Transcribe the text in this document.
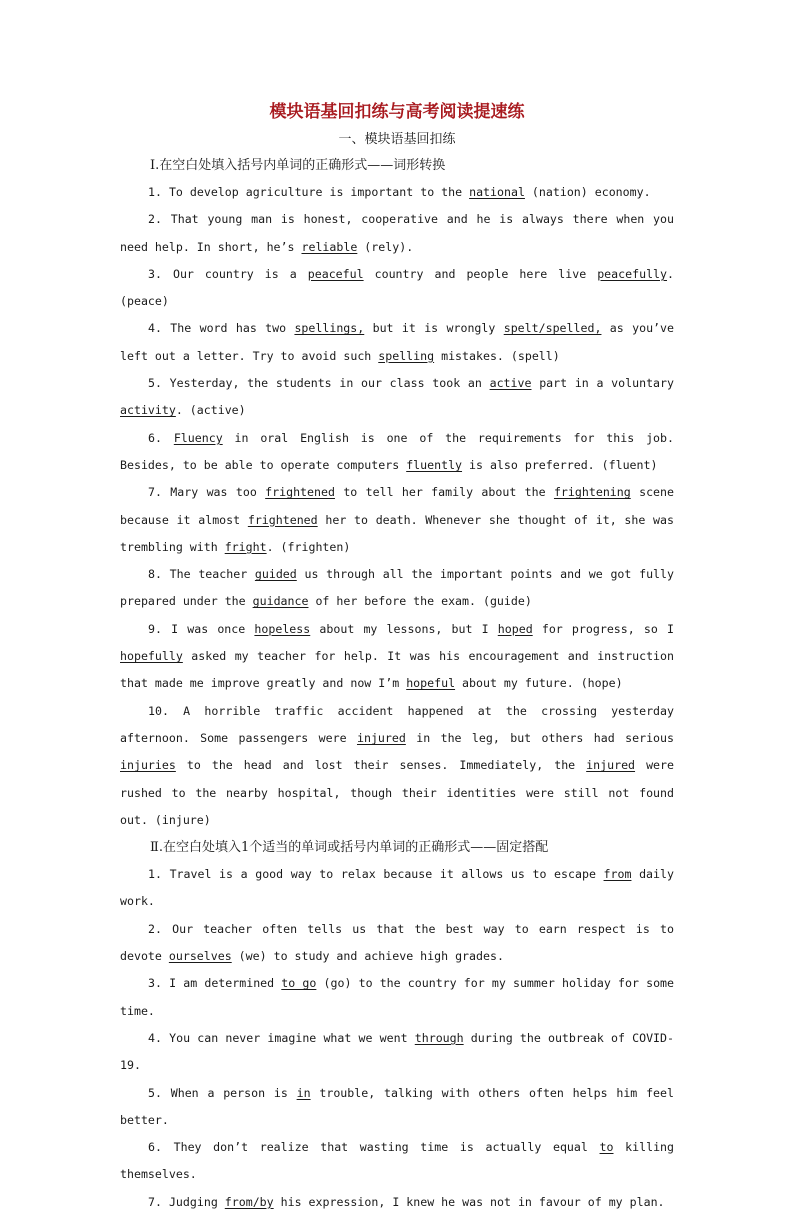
模块语基回扣练与高考阅读提速练
一、模块语基回扣练
Ⅰ.在空白处填入括号内单词的正确形式——词形转换
1. To develop agriculture is important to the national (nation) economy.
2. That young man is honest, cooperative and he is always there when you need help. In short, he’s reliable (rely).
3. Our country is a peaceful country and people here live peacefully. (peace)
4. The word has two spellings, but it is wrongly spelt/spelled, as you’ve left out a letter. Try to avoid such spelling mistakes. (spell)
5. Yesterday, the students in our class took an active part in a voluntary activity. (active)
6. Fluency in oral English is one of the requirements for this job. Besides, to be able to operate computers fluently is also preferred. (fluent)
7. Mary was too frightened to tell her family about the frightening scene because it almost frightened her to death. Whenever she thought of it, she was trembling with fright. (frighten)
8. The teacher guided us through all the important points and we got fully prepared under the guidance of her before the exam. (guide)
9. I was once hopeless about my lessons, but I hoped for progress, so I hopefully asked my teacher for help. It was his encouragement and instruction that made me improve greatly and now I’m hopeful about my future. (hope)
10. A horrible traffic accident happened at the crossing yesterday afternoon. Some passengers were injured in the leg, but others had serious injuries to the head and lost their senses. Immediately, the injured were rushed to the nearby hospital, though their identities were still not found out. (injure)
Ⅱ.在空白处填入1个适当的单词或括号内单词的正确形式——固定搭配
1. Travel is a good way to relax because it allows us to escape from daily work.
2. Our teacher often tells us that the best way to earn respect is to devote ourselves (we) to study and achieve high grades.
3. I am determined to go (go) to the country for my summer holiday for some time.
4. You can never imagine what we went through during the outbreak of COVID-19.
5. When a person is in trouble, talking with others often helps him feel better.
6. They don’t realize that wasting time is actually equal to killing themselves.
7. Judging from/by his expression, I knew he was not in favour of my plan.
